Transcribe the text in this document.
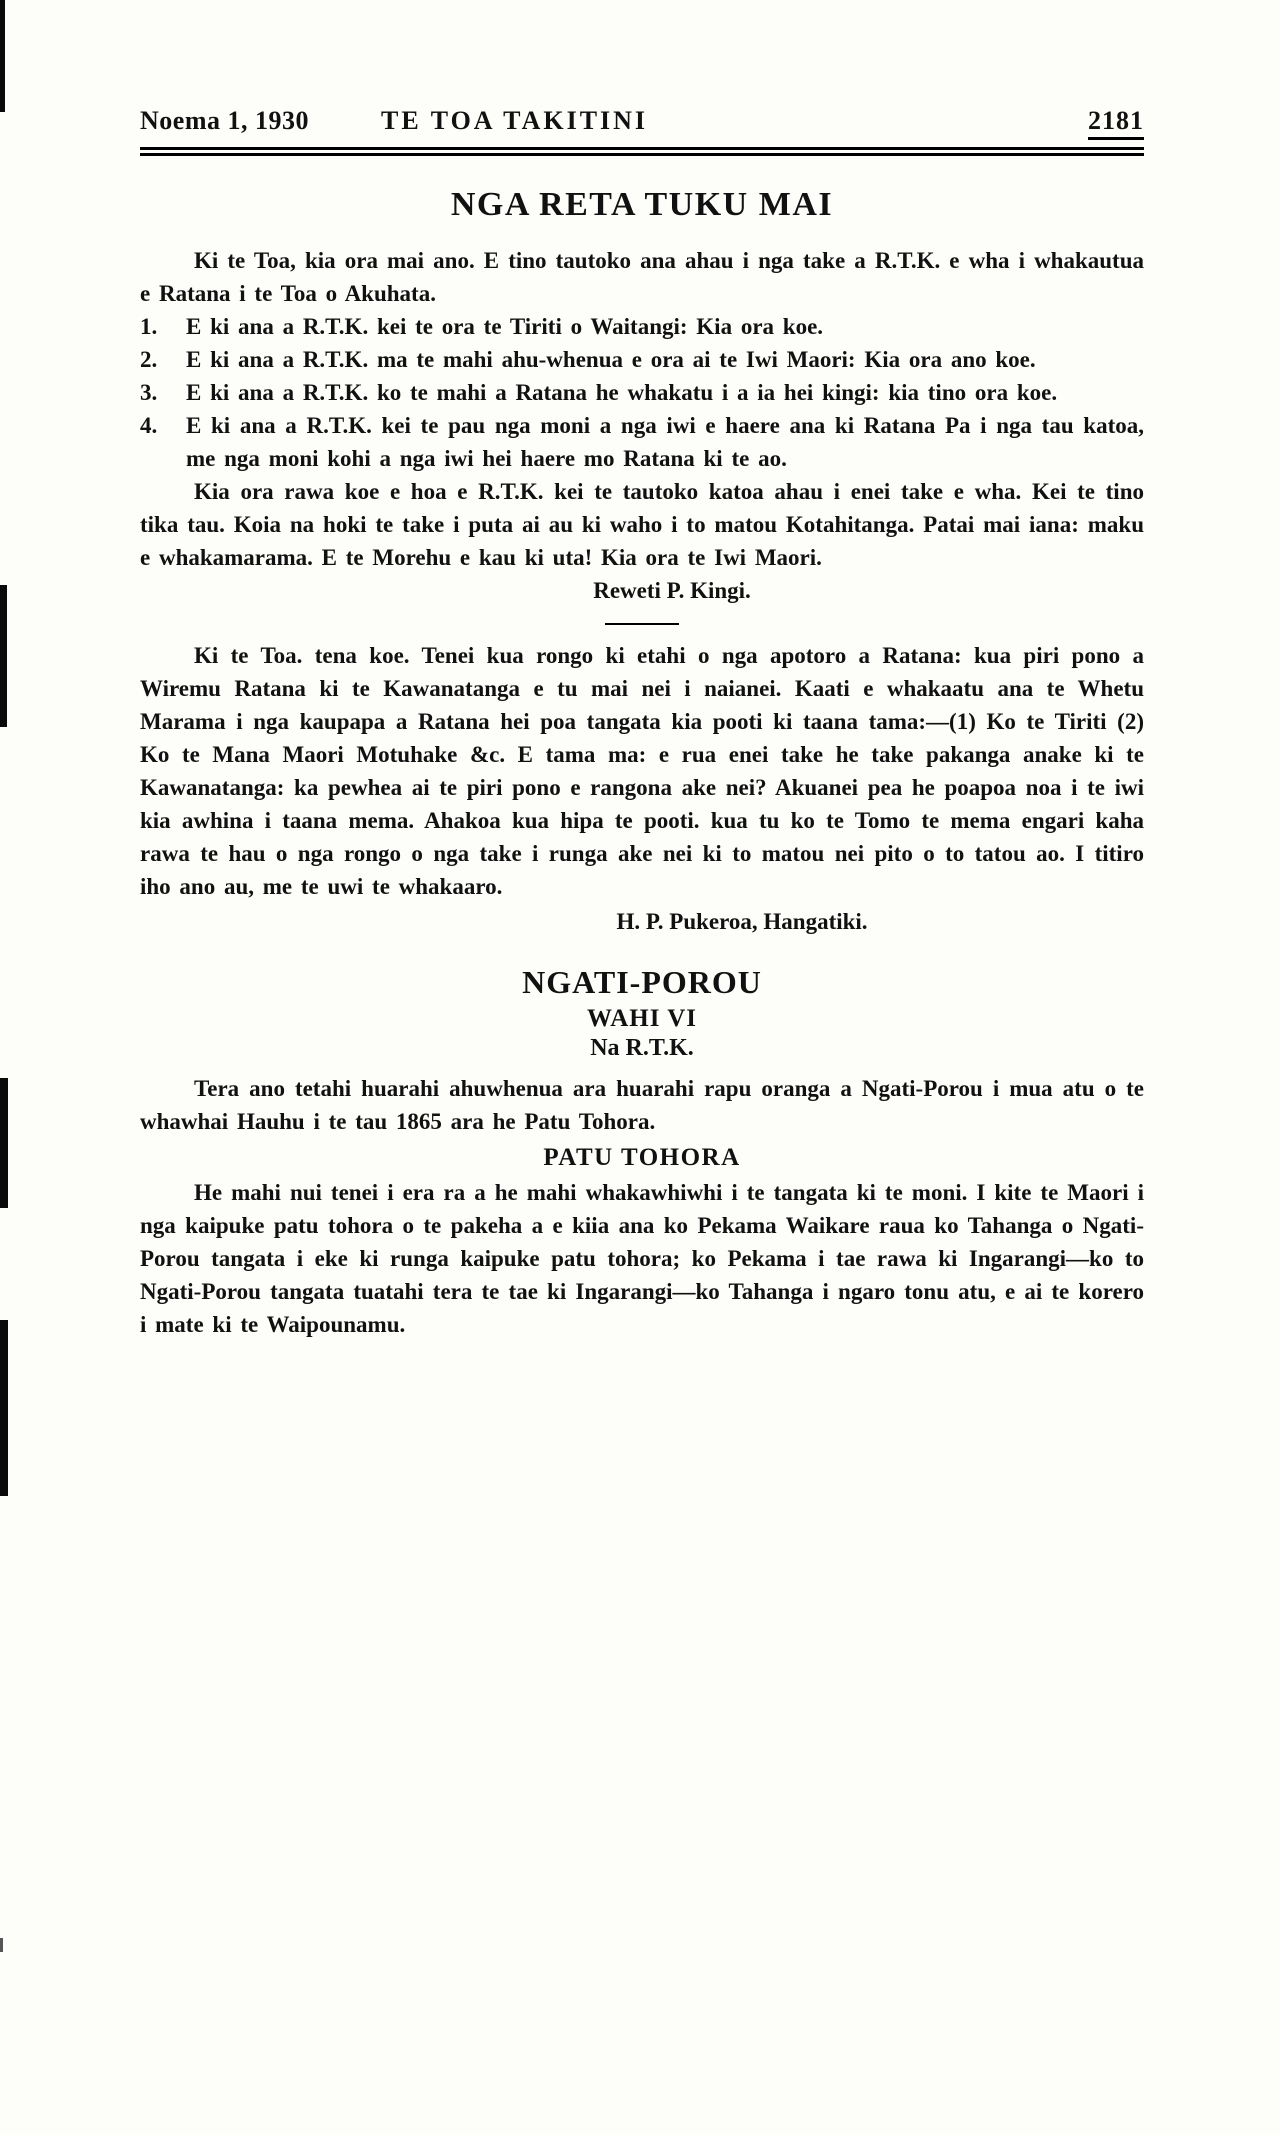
Noema 1, 1930	TE TOA TAKITINI	2181
NGA RETA TUKU MAI

Ki te Toa, kia ora mai ano. E tino tautoko ana ahau i nga take a R.T.K. e wha i whakautua e Ratana i te Toa o Akuhata.

1.	E ki ana a R.T.K. kei te ora te Tiriti o Waitangi: Kia ora koe.
2.	E ki ana a R.T.K. ma te mahi ahu-whenua e ora ai te Iwi Maori: Kia ora ano koe.
3.	E ki ana a R.T.K. ko te mahi a Ratana he whakatu i a ia hei kingi: kia tino ora koe.
4.	E ki ana a R.T.K. kei te pau nga moni a nga iwi e haere ana ki Ratana Pa i nga tau katoa, me nga moni kohi a nga iwi hei haere mo Ratana ki te ao.

Kia ora rawa koe e hoa e R.T.K. kei te tautoko katoa ahau i enei take e wha. Kei te tino tika tau. Koia na hoki te take i puta ai au ki waho i to matou Kotahitanga. Patai mai iana: maku e whakamarama. E te Morehu e kau ki uta! Kia ora te Iwi Maori.

Reweti P. Kingi.

Ki te Toa. tena koe. Tenei kua rongo ki etahi o nga apotoro a Ratana: kua piri pono a Wiremu Ratana ki te Kawanatanga e tu mai nei i naianei. Kaati e whakaatu ana te Whetu Marama i nga kaupapa a Ratana hei poa tangata kia pooti ki taana tama:—(1) Ko te Tiriti (2) Ko te Mana Maori Motuhake &c. E tama ma: e rua enei take he take pakanga anake ki te Kawanatanga: ka pewhea ai te piri pono e rangona ake nei? Akuanei pea he poapoa noa i te iwi kia awhina i taana mema. Ahakoa kua hipa te pooti. kua tu ko te Tomo te mema engari kaha rawa te hau o nga rongo o nga take i runga ake nei ki to matou nei pito o to tatou ao. I titiro iho ano au, me te uwi te whakaaro.

H. P. Pukeroa, Hangatiki.
NGATI-POROU
WAHI VI
Na R.T.K.

Tera ano tetahi huarahi ahuwhenua ara huarahi rapu oranga a Ngati-Porou i mua atu o te whawhai Hauhu i te tau 1865 ara he Patu Tohora.

PATU TOHORA

He mahi nui tenei i era ra a he mahi whakawhiwhi i te tangata ki te moni. I kite te Maori i nga kaipuke patu tohora o te pakeha a e kiia ana ko Pekama Waikare raua ko Tahanga o Ngati-Porou tangata i eke ki runga kaipuke patu tohora; ko Pekama i tae rawa ki Ingarangi—ko to Ngati-Porou tangata tuatahi tera te tae ki Ingarangi—ko Tahanga i ngaro tonu atu, e ai te korero i mate ki te Waipounamu.
